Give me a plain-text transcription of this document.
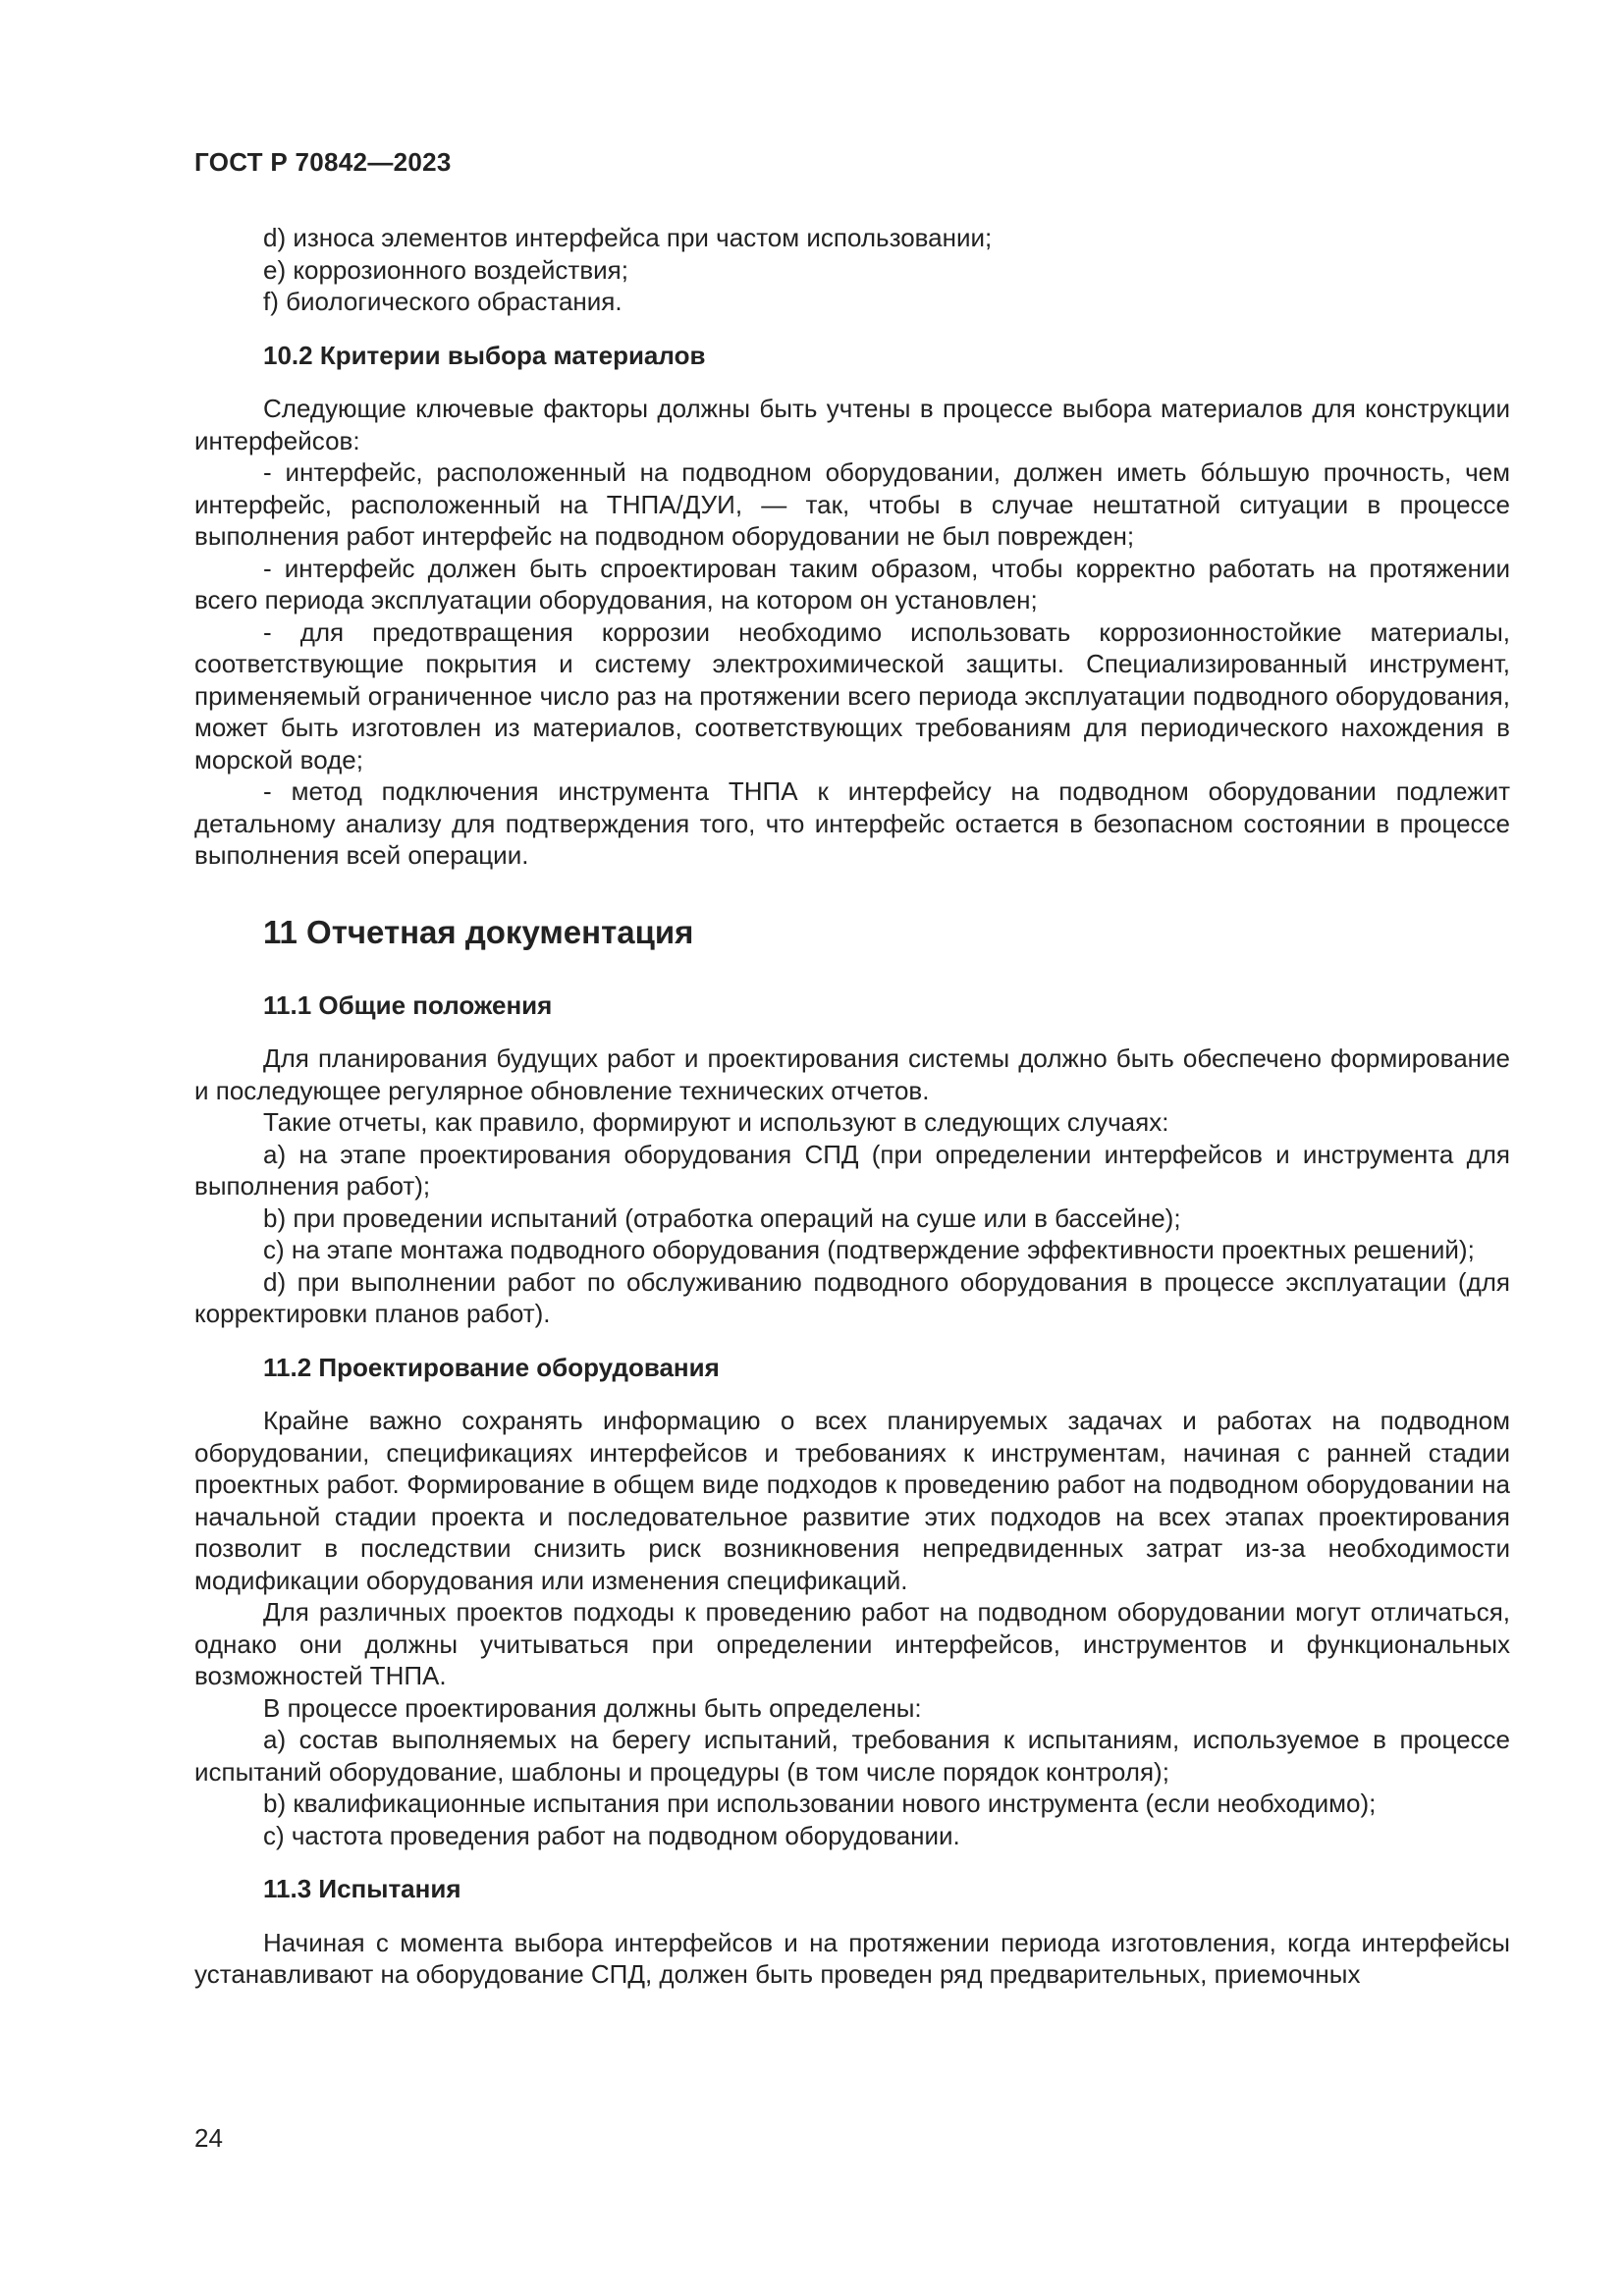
ГОСТ Р 70842—2023

d) износа элементов интерфейса при частом использовании;

e) коррозионного воздействия;

f) биологического обрастания.

10.2 Критерии выбора материалов

Следующие ключевые факторы должны быть учтены в процессе выбора материалов для конструкции интерфейсов:

- интерфейс, расположенный на подводном оборудовании, должен иметь бóльшую прочность, чем интерфейс, расположенный на ТНПА/ДУИ, — так, чтобы в случае нештатной ситуации в процессе выполнения работ интерфейс на подводном оборудовании не был поврежден;

- интерфейс должен быть спроектирован таким образом, чтобы корректно работать на протяжении всего периода эксплуатации оборудования, на котором он установлен;

- для предотвращения коррозии необходимо использовать коррозионностойкие материалы, соответствующие покрытия и систему электрохимической защиты. Специализированный инструмент, применяемый ограниченное число раз на протяжении всего периода эксплуатации подводного оборудования, может быть изготовлен из материалов, соответствующих требованиям для периодического нахождения в морской воде;

- метод подключения инструмента ТНПА к интерфейсу на подводном оборудовании подлежит детальному анализу для подтверждения того, что интерфейс остается в безопасном состоянии в процессе выполнения всей операции.

11 Отчетная документация
11.1 Общие положения

Для планирования будущих работ и проектирования системы должно быть обеспечено формирование и последующее регулярное обновление технических отчетов.

Такие отчеты, как правило, формируют и используют в следующих случаях:

a) на этапе проектирования оборудования СПД (при определении интерфейсов и инструмента для выполнения работ);

b) при проведении испытаний (отработка операций на суше или в бассейне);

c) на этапе монтажа подводного оборудования (подтверждение эффективности проектных решений);

d) при выполнении работ по обслуживанию подводного оборудования в процессе эксплуатации (для корректировки планов работ).

11.2 Проектирование оборудования

Крайне важно сохранять информацию о всех планируемых задачах и работах на подводном оборудовании, спецификациях интерфейсов и требованиях к инструментам, начиная с ранней стадии проектных работ. Формирование в общем виде подходов к проведению работ на подводном оборудовании на начальной стадии проекта и последовательное развитие этих подходов на всех этапах проектирования позволит в последствии снизить риск возникновения непредвиденных затрат из-за необходимости модификации оборудования или изменения спецификаций.

Для различных проектов подходы к проведению работ на подводном оборудовании могут отличаться, однако они должны учитываться при определении интерфейсов, инструментов и функциональных возможностей ТНПА.

В процессе проектирования должны быть определены:

a) состав выполняемых на берегу испытаний, требования к испытаниям, используемое в процессе испытаний оборудование, шаблоны и процедуры (в том числе порядок контроля);

b) квалификационные испытания при использовании нового инструмента (если необходимо);

c) частота проведения работ на подводном оборудовании.

11.3 Испытания

Начиная с момента выбора интерфейсов и на протяжении периода изготовления, когда интерфейсы устанавливают на оборудование СПД, должен быть проведен ряд предварительных, приемочных

24
